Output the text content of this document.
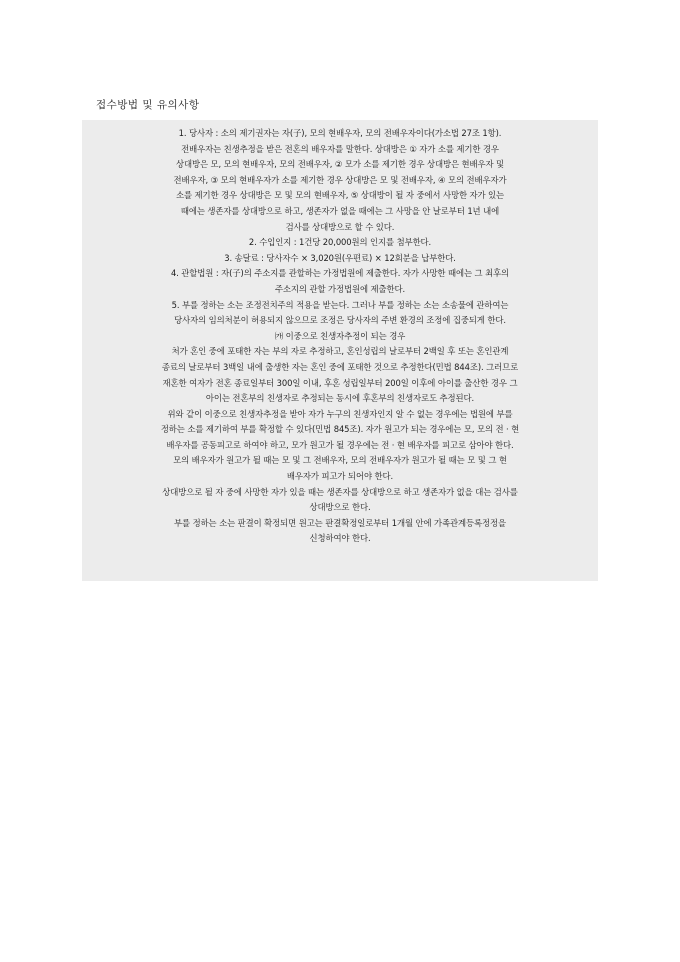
접수방법 및 유의사항
1. 당사자 : 소의 제기권자는 자(子), 모의 현배우자, 모의 전배우자이다(가소법 27조 1항).
전배우자는 친생추정을 받은 전혼의 배우자를 말한다. 상대방은 ① 자가 소를 제기한 경우
상대방은 모, 모의 현배우자, 모의 전배우자, ② 모가 소를 제기한 경우 상대방은 현배우자 및
전배우자, ③ 모의 현배우자가 소를 제기한 경우 상대방은 모 및 전배우자, ④ 모의 전배우자가
소를 제기한 경우 상대방은 모 및 모의 현배우자, ⑤ 상대방이 될 자 중에서 사망한 자가 있는
때에는 생존자를 상대방으로 하고, 생존자가 없을 때에는 그 사망을 안 날로부터 1년 내에
검사를 상대방으로 할 수 있다.
2. 수입인지 : 1건당 20,000원의 인지를 첨부한다.
3. 송달료 : 당사자수 × 3,020원(우편료) × 12회분을 납부한다.
4. 관할법원 : 자(子)의 주소지를 관할하는 가정법원에 제출한다. 자가 사망한 때에는 그 최후의
주소지의 관할 가정법원에 제출한다.
5. 부를 정하는 소는 조정전치주의 적용을 받는다. 그러나 부를 정하는 소는 소송물에 관하여는
당사자의 임의처분이 허용되지 않으므로 조정은 당사자의 주변 환경의 조정에 집중되게 한다.
㈎ 이중으로 친생자추정이 되는 경우
처가 혼인 중에 포태한 자는 부의 자로 추정하고, 혼인성립의 날로부터 2백일 후 또는 혼인관계
종료의 날로부터 3백일 내에 출생한 자는 혼인 중에 포태한 것으로 추정한다(민법 844조). 그러므로
재혼한 여자가 전혼 종료일부터 300일 이내, 후혼 성립일부터 200일 이후에 아이를 출산한 경우 그
아이는 전혼부의 친생자로 추정되는 동시에 후혼부의 친생자로도 추정된다.
위와 같이 이중으로 친생자추정을 받아 자가 누구의 친생자인지 알 수 없는 경우에는 법원에 부를
정하는 소를 제기하여 부를 확정할 수 있다(민법 845조). 자가 원고가 되는 경우에는 모, 모의 전 · 현
배우자를 공동피고로 하여야 하고, 모가 원고가 될 경우에는 전 · 현 배우자를 피고로 삼아야 한다.
모의 배우자가 원고가 될 때는 모 및 그 전배우자, 모의 전배우자가 원고가 될 때는 모 및 그 현
배우자가 피고가 되어야 한다.
상대방으로 될 자 중에 사망한 자가 있을 때는 생존자를 상대방으로 하고 생존자가 없을 대는 검사를
상대방으로 한다.
부를 정하는 소는 판결이 확정되면 원고는 판결확정일로부터 1개월 안에 가족관계등록정정을
신청하여야 한다.
